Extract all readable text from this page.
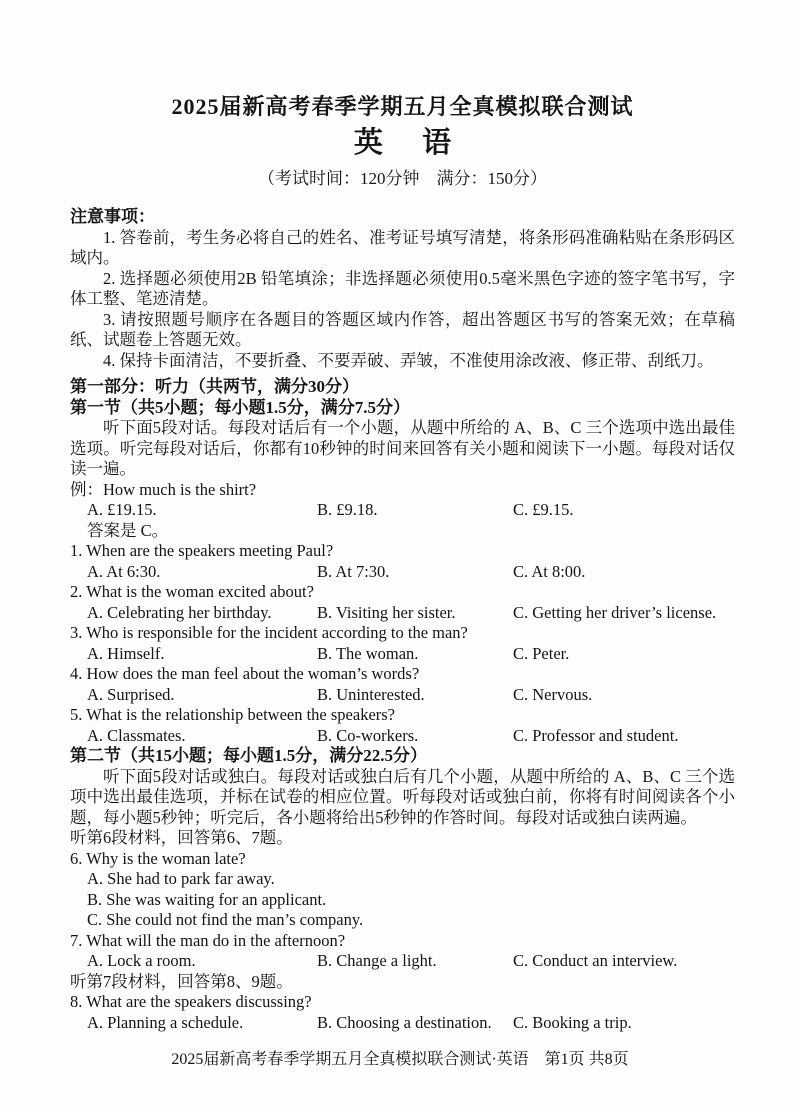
2025届新高考春季学期五月全真模拟联合测试
英 语
（考试时间：120分钟　满分：150分）
注意事项：
1. 答卷前，考生务必将自己的姓名、准考证号填写清楚，将条形码准确粘贴在条形码区域内。
2. 选择题必须使用2B 铅笔填涂；非选择题必须使用0.5毫米黑色字迹的签字笔书写，字体工整、笔迹清楚。
3. 请按照题号顺序在各题目的答题区域内作答，超出答题区书写的答案无效；在草稿纸、试题卷上答题无效。
4. 保持卡面清洁，不要折叠、不要弄破、弄皱，不准使用涂改液、修正带、刮纸刀。
第一部分：听力（共两节，满分30分）
第一节（共5小题；每小题1.5分，满分7.5分）
听下面5段对话。每段对话后有一个小题，从题中所给的 A、B、C 三个选项中选出最佳选项。听完每段对话后，你都有10秒钟的时间来回答有关小题和阅读下一小题。每段对话仅读一遍。
例：How much is the shirt?
A. £19.15.	B. £9.18.	C. £9.15.
答案是 C。
1. When are the speakers meeting Paul?
A. At 6:30.	B. At 7:30.	C. At 8:00.
2. What is the woman excited about?
A. Celebrating her birthday.	B. Visiting her sister.	C. Getting her driver’s license.
3. Who is responsible for the incident according to the man?
A. Himself.	B. The woman.	C. Peter.
4. How does the man feel about the woman’s words?
A. Surprised.	B. Uninterested.	C. Nervous.
5. What is the relationship between the speakers?
A. Classmates.	B. Co-workers.	C. Professor and student.
第二节（共15小题；每小题1.5分，满分22.5分）
听下面5段对话或独白。每段对话或独白后有几个小题，从题中所给的 A、B、C 三个选项中选出最佳选项，并标在试卷的相应位置。听每段对话或独白前，你将有时间阅读各个小题，每小题5秒钟；听完后，各小题将给出5秒钟的作答时间。每段对话或独白读两遍。
听第6段材料，回答第6、7题。
6. Why is the woman late?
A. She had to park far away.
B. She was waiting for an applicant.
C. She could not find the man’s company.
7. What will the man do in the afternoon?
A. Lock a room.	B. Change a light.	C. Conduct an interview.
听第7段材料，回答第8、9题。
8. What are the speakers discussing?
A. Planning a schedule.	B. Choosing a destination.	C. Booking a trip.
2025届新高考春季学期五月全真模拟联合测试·英语　第1页 共8页
